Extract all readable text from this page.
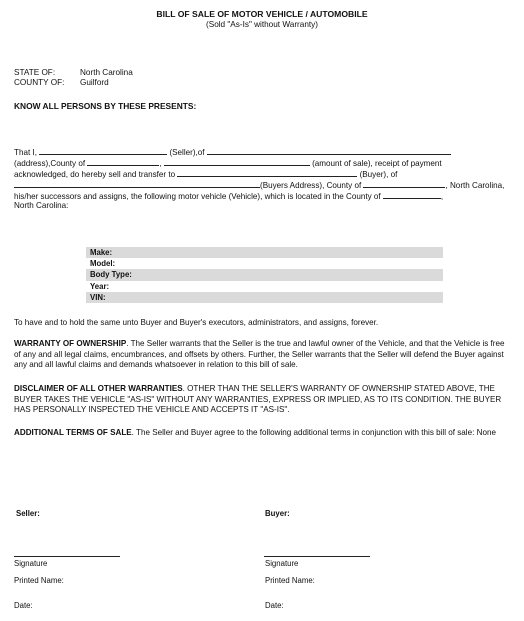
BILL OF SALE OF MOTOR VEHICLE / AUTOMOBILE
(Sold "As-Is" without Warranty)
STATE OF:	North Carolina
COUNTY OF: Guilford
KNOW ALL PERSONS BY THESE PRESENTS:
That I,	(Seller),of
(address),County of	,	(amount of sale), receipt of payment
acknowledged, do hereby sell and transfer to	(Buyer), of
(Buyers Address), County of	, North Carolina,
his/her successors and assigns, the following motor vehicle (Vehicle), which is located in the County of	,
North Carolina:
Make:
Model:
Body Type:
Year:
VIN:
To have and to hold the same unto Buyer and Buyer's executors, administrators, and assigns, forever.
WARRANTY OF OWNERSHIP. The Seller warrants that the Seller is the true and lawful owner of the Vehicle, and that the Vehicle is free of any and all legal claims, encumbrances, and offsets by others. Further, the Seller warrants that the Seller will defend the Buyer against any and all lawful claims and demands whatsoever in relation to this bill of sale.
DISCLAIMER OF ALL OTHER WARRANTIES. OTHER THAN THE SELLER'S WARRANTY OF OWNERSHIP STATED ABOVE, THE BUYER TAKES THE VEHICLE "AS-IS" WITHOUT ANY WARRANTIES, EXPRESS OR IMPLIED, AS TO ITS CONDITION. THE BUYER HAS PERSONALLY INSPECTED THE VEHICLE AND ACCEPTS IT "AS-IS".
ADDITIONAL TERMS OF SALE. The Seller and Buyer agree to the following additional terms in conjunction with this bill of sale: None
Seller:	Buyer:
Signature	Signature
Printed Name:	Printed Name:
Date:	Date:
